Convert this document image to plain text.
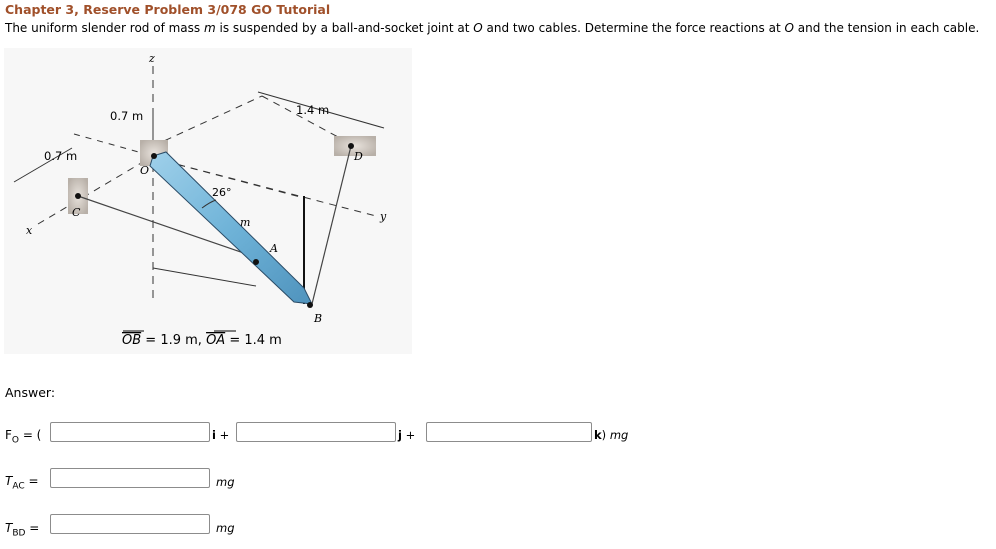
Chapter 3, Reserve Problem 3/078 GO Tutorial
The uniform slender rod of mass m is suspended by a ball-and-socket joint at O and two cables. Determine the force reactions at O and the tension in each cable.
z
x
y
0.7 m
0.7 m
1.4 m
O
C
D
A
B
m
26°
OB = 1.9 m, OA = 1.4 m
Answer:
$F_O$ = (	i +	j +	k) mg
$T_{AC}$ =	mg
$T_{BD}$ =	mg
